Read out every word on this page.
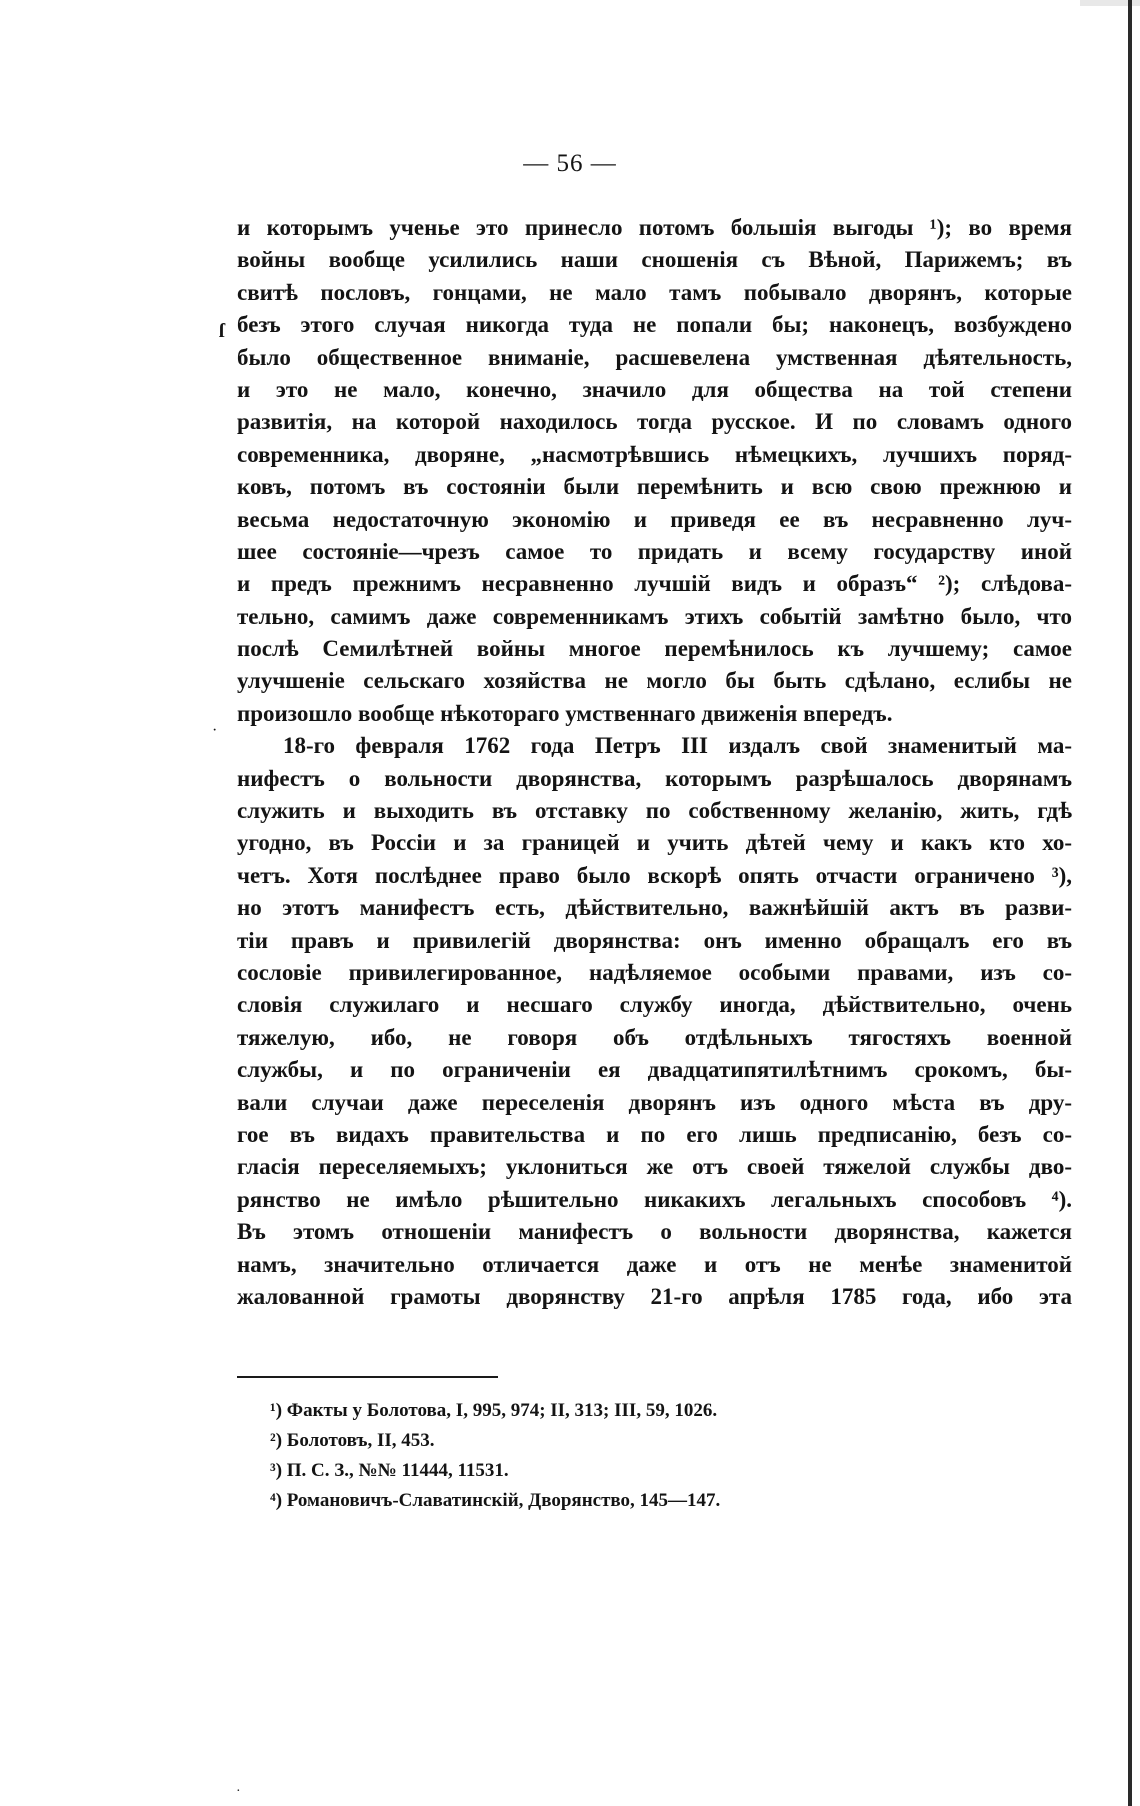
ſ
·
·
— 56 —
и которымъ ученье это принесло потомъ большія выгоды ¹); во время
войны вообще усилились наши сношенія съ Вѣной, Парижемъ; въ
свитѣ пословъ, гонцами, не мало тамъ побывало дворянъ, которые
безъ этого случая никогда туда не попали бы; наконецъ, возбуждено
было общественное вниманіе, расшевелена умственная дѣятельность,
и это не мало, конечно, значило для общества на той степени
развитія, на которой находилось тогда русское. И по словамъ одного
современника, дворяне, „насмотрѣвшись нѣмецкихъ, лучшихъ поряд-
ковъ, потомъ въ состояніи были перемѣнить и всю свою прежнюю и
весьма недостаточную экономію и приведя ее въ несравненно луч-
шее состояніе—чрезъ самое то придать и всему государству иной
и предъ прежнимъ несравненно лучшій видъ и образъ“ ²); слѣдова-
тельно, самимъ даже современникамъ этихъ событій замѣтно было, что
послѣ Семилѣтней войны многое перемѣнилось къ лучшему; самое
улучшеніе сельскаго хозяйства не могло бы быть сдѣлано, еслибы не
произошло вообще нѣкотораго умственнаго движенія впередъ.
18-го февраля 1762 года Петръ III издалъ свой знаменитый ма-
нифестъ о вольности дворянства, которымъ разрѣшалось дворянамъ
служить и выходить въ отставку по собственному желанію, жить, гдѣ
угодно, въ Россіи и за границей и учить дѣтей чему и какъ кто хо-
четъ. Хотя послѣднее право было вскорѣ опять отчасти ограничено ³),
но этотъ манифестъ есть, дѣйствительно, важнѣйшій актъ въ разви-
тіи правъ и привилегій дворянства: онъ именно обращалъ его въ
сословіе привилегированное, надѣляемое особыми правами, изъ со-
словія служилаго и несшаго службу иногда, дѣйствительно, очень
тяжелую, ибо, не говоря объ отдѣльныхъ тягостяхъ военной
службы, и по ограниченіи ея двадцатипятилѣтнимъ срокомъ, бы-
вали случаи даже переселенія дворянъ изъ одного мѣста въ дру-
гое въ видахъ правительства и по его лишь предписанію, безъ со-
гласія переселяемыхъ; уклониться же отъ своей тяжелой службы дво-
рянство не имѣло рѣшительно никакихъ легальныхъ способовъ ⁴).
Въ этомъ отношеніи манифестъ о вольности дворянства, кажется
намъ, значительно отличается даже и отъ не менѣе знаменитой
жалованной грамоты дворянству 21-го апрѣля 1785 года, ибо эта
¹) Факты у Болотова, I, 995, 974; II, 313; III, 59, 1026.
²) Болотовъ, II, 453.
³) П. С. З., №№ 11444, 11531.
⁴) Романовичъ-Славатинскій, Дворянство, 145—147.
